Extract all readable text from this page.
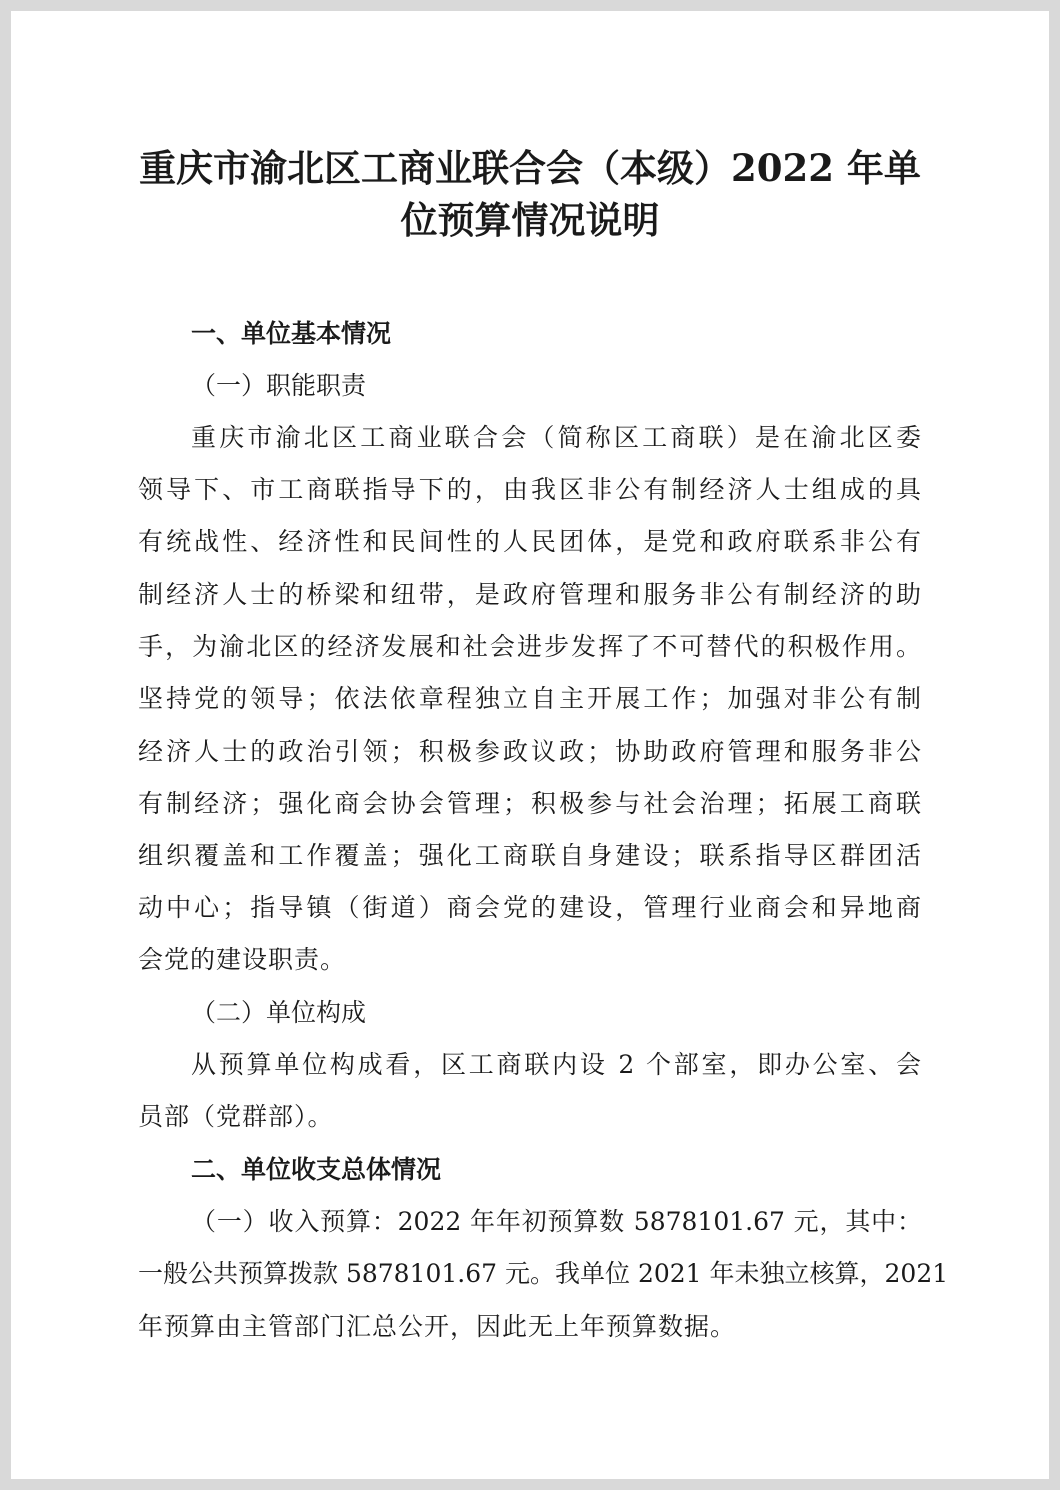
重庆市渝北区工商业联合会（本级）2022 年单
位预算情况说明
一、单位基本情况
（一）职能职责
重庆市渝北区工商业联合会（简称区工商联）是在渝北区委
领导下、市工商联指导下的，由我区非公有制经济人士组成的具
有统战性、经济性和民间性的人民团体，是党和政府联系非公有
制经济人士的桥梁和纽带，是政府管理和服务非公有制经济的助
手，为渝北区的经济发展和社会进步发挥了不可替代的积极作用。
坚持党的领导；依法依章程独立自主开展工作；加强对非公有制
经济人士的政治引领；积极参政议政；协助政府管理和服务非公
有制经济；强化商会协会管理；积极参与社会治理；拓展工商联
组织覆盖和工作覆盖；强化工商联自身建设；联系指导区群团活
动中心；指导镇（街道）商会党的建设，管理行业商会和异地商
会党的建设职责。
（二）单位构成
从预算单位构成看，区工商联内设 2 个部室，即办公室、会
员部（党群部）。
二、单位收支总体情况
（一）收入预算：2022 年年初预算数 5878101.67 元，其中：
一般公共预算拨款 5878101.67 元。我单位 2021 年未独立核算，2021
年预算由主管部门汇总公开，因此无上年预算数据。
